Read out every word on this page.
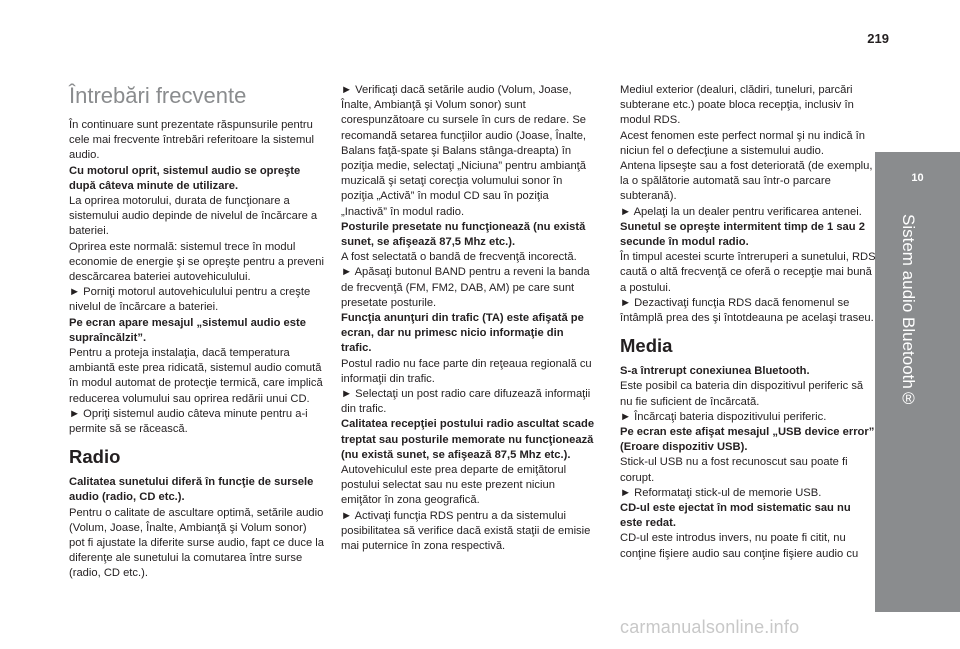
219
10
Sistem audio Bluetooth®
Întrebări frecvente

În continuare sunt prezentate răspunsurile pentru cele mai frecvente întrebări referitoare la sistemul audio.

Cu motorul oprit, sistemul audio se opreşte după câteva minute de utilizare.

La oprirea motorului, durata de funcţionare a sistemului audio depinde de nivelul de încărcare a bateriei.

Oprirea este normală: sistemul trece în modul economie de energie şi se opreşte pentru a preveni descărcarea bateriei autovehiculului.

► Porniţi motorul autovehiculului pentru a creşte nivelul de încărcare a bateriei.

Pe ecran apare mesajul „sistemul audio este supraîncălzit”.

Pentru a proteja instalaţia, dacă temperatura ambiantă este prea ridicată, sistemul audio comută în modul automat de protecţie termică, care implică reducerea volumului sau oprirea redării unui CD.

► Opriţi sistemul audio câteva minute pentru a-i permite să se răcească.

Radio

Calitatea sunetului diferă în funcţie de sursele audio (radio, CD etc.).

Pentru o calitate de ascultare optimă, setările audio (Volum, Joase, Înalte, Ambianţă şi Volum sonor) pot fi ajustate la diferite surse audio, fapt ce duce la diferenţe ale sunetului la comutarea între surse (radio, CD etc.).

► Verificaţi dacă setările audio (Volum, Joase, Înalte, Ambianţă şi Volum sonor) sunt corespunzătoare cu sursele în curs de redare. Se recomandă setarea funcţiilor audio (Joase, Înalte, Balans faţă-spate şi Balans stânga-dreapta) în poziţia medie, selectaţi „Niciuna” pentru ambianţă muzicală şi setaţi corecţia volumului sonor în poziţia „Activă” în modul CD sau în poziţia „Inactivă” în modul radio.

Posturile presetate nu funcţionează (nu există sunet, se afişează 87,5 Mhz etc.).

A fost selectată o bandă de frecvenţă incorectă.

► Apăsaţi butonul BAND pentru a reveni la banda de frecvenţă (FM, FM2, DAB, AM) pe care sunt presetate posturile.

Funcţia anunţuri din trafic (TA) este afişată pe ecran, dar nu primesc nicio informaţie din trafic.

Postul radio nu face parte din reţeaua regională cu informaţii din trafic.

► Selectaţi un post radio care difuzează informaţii din trafic.

Calitatea recepţiei postului radio ascultat scade treptat sau posturile memorate nu funcţionează (nu există sunet, se afişează 87,5 Mhz etc.).

Autovehiculul este prea departe de emiţătorul postului selectat sau nu este prezent niciun emiţător în zona geografică.

► Activaţi funcţia RDS pentru a da sistemului posibilitatea să verifice dacă există staţii de emisie mai puternice în zona respectivă.

Mediul exterior (dealuri, clădiri, tuneluri, parcări subterane etc.) poate bloca recepţia, inclusiv în modul RDS.

Acest fenomen este perfect normal şi nu indică în niciun fel o defecţiune a sistemului audio.

Antena lipseşte sau a fost deteriorată (de exemplu, la o spălătorie automată sau într-o parcare subterană).

► Apelaţi la un dealer pentru verificarea antenei.

Sunetul se opreşte intermitent timp de 1 sau 2 secunde în modul radio.

În timpul acestei scurte întreruperi a sunetului, RDS caută o altă frecvenţă ce oferă o recepţie mai bună a postului.

► Dezactivaţi funcţia RDS dacă fenomenul se întâmplă prea des şi întotdeauna pe acelaşi traseu.

Media

S-a întrerupt conexiunea Bluetooth.

Este posibil ca bateria din dispozitivul periferic să nu fie suficient de încărcată.

► Încărcaţi bateria dispozitivului periferic.

Pe ecran este afişat mesajul „USB device error” (Eroare dispozitiv USB).

Stick-ul USB nu a fost recunoscut sau poate fi corupt.

► Reformataţi stick-ul de memorie USB.

CD-ul este ejectat în mod sistematic sau nu este redat.

CD-ul este introdus invers, nu poate fi citit, nu conţine fişiere audio sau conţine fişiere audio cu

carmanualsonline.info
